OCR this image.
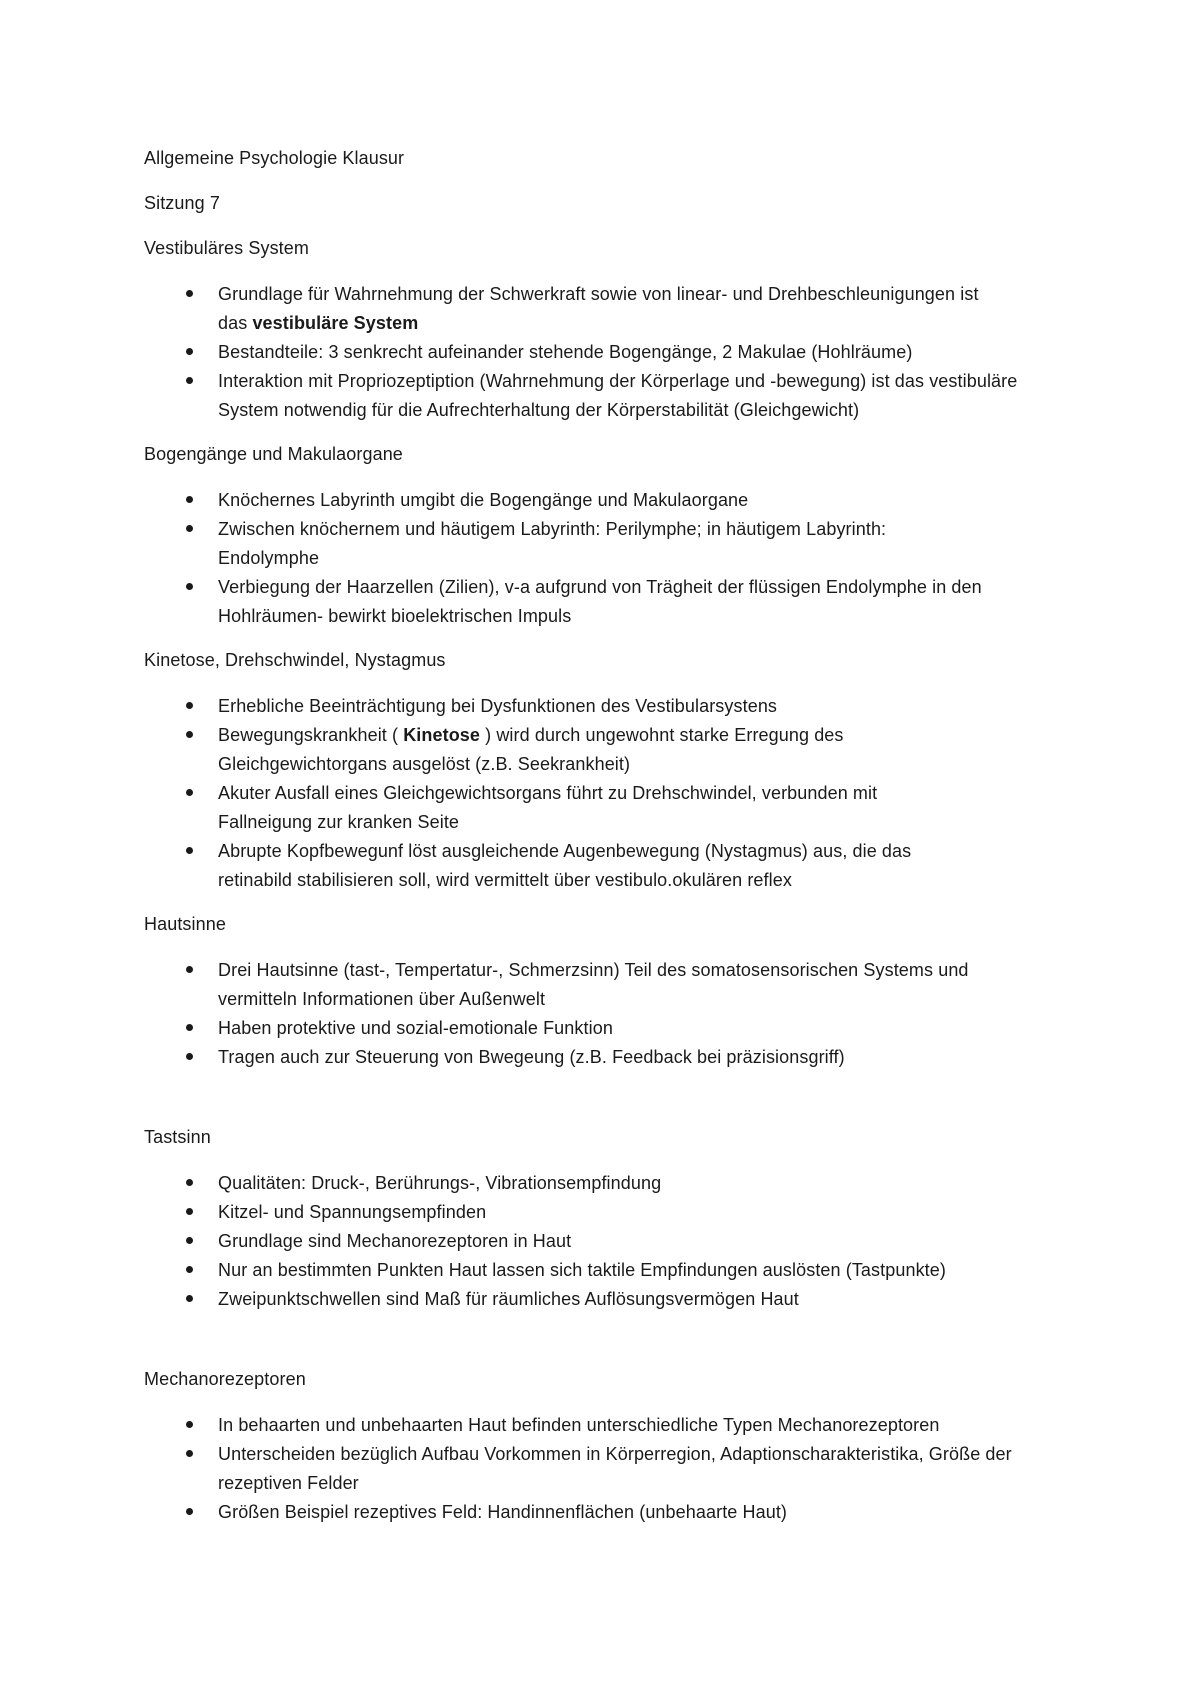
Allgemeine Psychologie Klausur

Sitzung 7

Vestibuläres System

Grundlage für Wahrnehmung der Schwerkraft sowie von linear- und Drehbeschleunigungen ist das vestibuläre System
Bestandteile: 3 senkrecht aufeinander stehende Bogengänge, 2 Makulae (Hohlräume)
Interaktion mit Propriozeptiption (Wahrnehmung der Körperlage und -bewegung) ist das vestibuläre System notwendig für die Aufrechterhaltung der Körperstabilität (Gleichgewicht)

Bogengänge und Makulaorgane

Knöchernes Labyrinth umgibt die Bogengänge und Makulaorgane
Zwischen knöchernem und häutigem Labyrinth: Perilymphe; in häutigem Labyrinth: Endolymphe
Verbiegung der Haarzellen (Zilien), v-a aufgrund von Trägheit der flüssigen Endolymphe in den Hohlräumen- bewirkt bioelektrischen Impuls

Kinetose, Drehschwindel, Nystagmus

Erhebliche Beeinträchtigung bei Dysfunktionen des Vestibularsystens
Bewegungskrankheit ( Kinetose ) wird durch ungewohnt starke Erregung des Gleichgewichtorgans ausgelöst (z.B. Seekrankheit)
Akuter Ausfall eines Gleichgewichtsorgans führt zu Drehschwindel, verbunden mit Fallneigung zur kranken Seite
Abrupte Kopfbewegunf löst ausgleichende Augenbewegung (Nystagmus) aus, die das retinabild stabilisieren soll, wird vermittelt über vestibulo.okulären reflex

Hautsinne

Drei Hautsinne (tast-, Tempertatur-, Schmerzsinn) Teil des somatosensorischen Systems und vermitteln Informationen über Außenwelt
Haben protektive und sozial-emotionale Funktion
Tragen auch zur Steuerung von Bwegeung (z.B. Feedback bei präzisionsgriff)

Tastsinn

Qualitäten: Druck-, Berührungs-, Vibrationsempfindung
Kitzel- und Spannungsempfinden
Grundlage sind Mechanorezeptoren in Haut
Nur an bestimmten Punkten Haut lassen sich taktile Empfindungen auslösten (Tastpunkte)
Zweipunktschwellen sind Maß für räumliches Auflösungsvermögen Haut

Mechanorezeptoren

In behaarten und unbehaarten Haut befinden unterschiedliche Typen Mechanorezeptoren
Unterscheiden bezüglich Aufbau Vorkommen in Körperregion, Adaptionscharakteristika, Größe der rezeptiven Felder
Größen Beispiel rezeptives Feld: Handinnenflächen (unbehaarte Haut)
